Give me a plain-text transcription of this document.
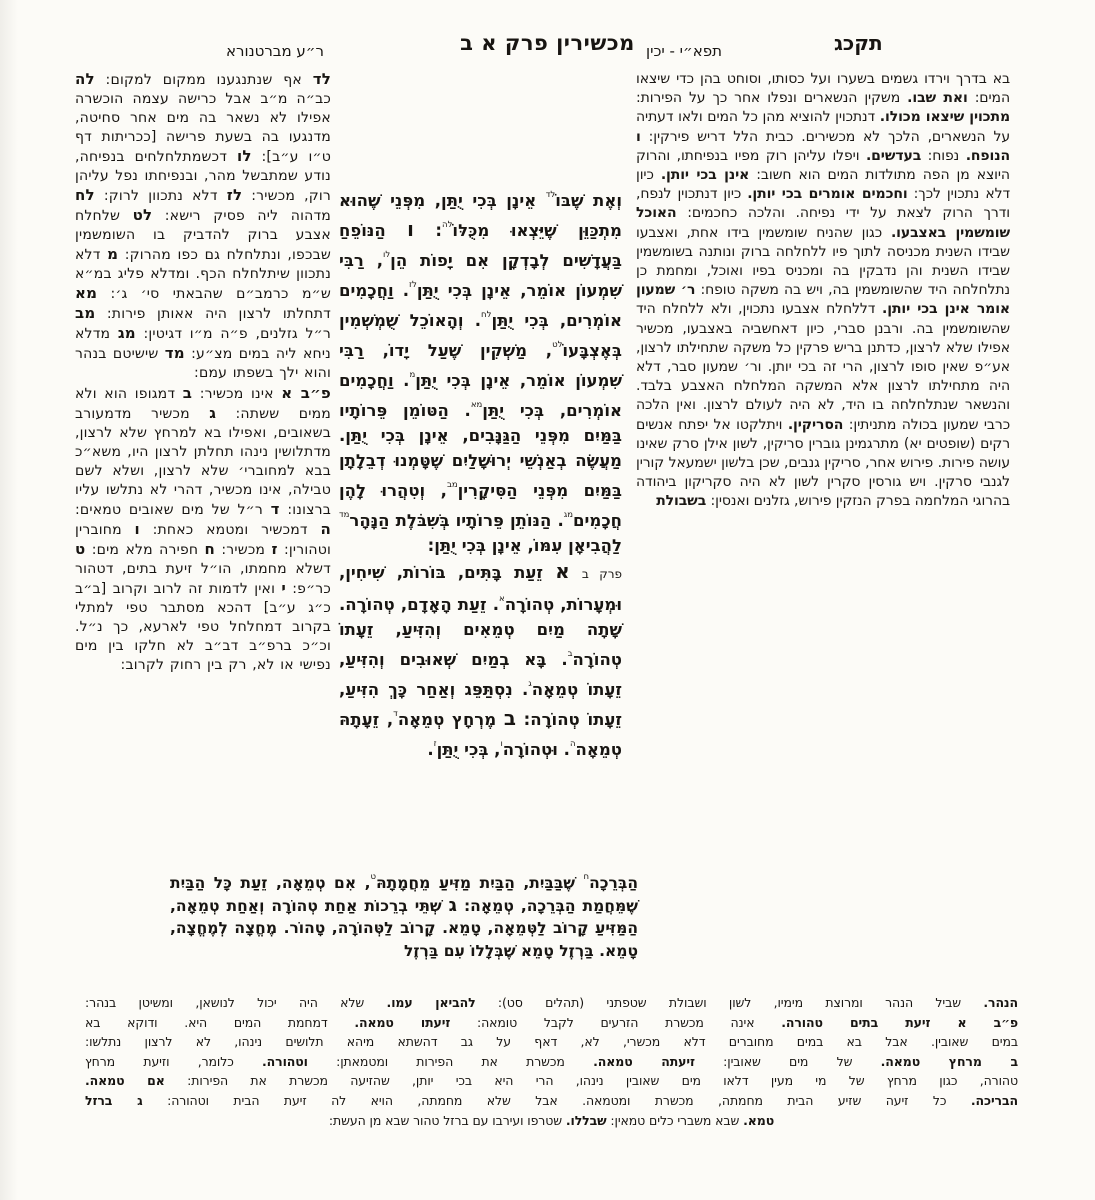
ר״ע מברטנורא	מכשירין פרק א ב תפא״י - יכין	תקכג

לד אף שנתנגענו ממקום למקום: לה כב״ה מ״ב אבל כרישה עצמה הוכשרה אפילו לא נשאר בה מים אחר סחיטה, מדנגעו בה בשעת פרישה [ככריתות דף ט״ו ע״ב]: לו דכשמתלחלחים בנפיחה, נודע שמתבשל מהר, ובנפיחתו נפל עליהן רוק, מכשיר: לז דלא נתכוון לרוק: לח מדהוה ליה פסיק רישא: לט שלחלח אצבע ברוק להדביק בו השומשמין שבכפו, ונתלחלח גם כפו מהרוק: מ דלא נתכוון שיתלחלח הכף. ומדלא פליג במ״א ש״מ כרמב״ם שהבאתי סי׳ ג׳: מא דתחלתו לרצון היה אאותן פירות: מב ר״ל גזלנים, פ״ה מ״ו דגיטין: מג מדלא ניחא ליה במים מצ״ע: מד שישיטם בנהר והוא ילך בשפתו עמם:

פ״ב א אינו מכשיר: ב דמגופו הוא ולא ממים ששתה: ג מכשיר מדמעורב בשאובים, ואפילו בא למרחץ שלא לרצון, מדתלושין נינהו תחלתן לרצון היו, משא״כ בבא למחוברי׳ שלא לרצון, ושלא לשם טבילה, אינו מכשיר, דהרי לא נתלשו עליו ברצונו: ד ר״ל של מים שאובים טמאים: ה דמכשיר ומטמא כאחת: ו מחוברין וטהורין: ז מכשיר: ח חפירה מלא מים: ט דשלא מחמתו, הו״ל זיעת בתים, דטהור כר״פ: י ואין לדמות זה לרוב וקרוב [ב״ב כ״ג ע״ב] דהכא מסתבר טפי למתלי בקרוב דמחלחל טפי לארעא, כך נ״ל. וכ״כ ברפ״ב דב״ב לא חלקו בין מים נפישי או לא, רק בין רחוק לקרוב:

וְאֶת שֶׁבּוֹ$^{לד}$ אֵינָן בְּכִי יֻתַּן, מִפְּנֵי שֶׁהוּא מִתְכַּוֵּן שֶׁיֵּצְאוּ מִכֻּלּוֹ$^{לה}$: ו הַנּוֹפֵחַ בַּעֲדָשִׁים לְבָדְקָן אִם יָפוֹת הֵן$^{לו}$, רַבִּי שִׁמְעוֹן אוֹמֵר, אֵינָן בְּכִי יֻתַּן$^{לז}$. וַחֲכָמִים אוֹמְרִים, בְּכִי יֻתַּן$^{לח}$. וְהָאוֹכֵל שֻׁמְשְׁמִין בְּאֶצְבָּעוֹ$^{לט}$, מַשְׁקִין שֶׁעַל יָדוֹ, רַבִּי שִׁמְעוֹן אוֹמֵר, אֵינָן בְּכִי יֻתַּן$^מ$. וַחֲכָמִים אוֹמְרִים, בְּכִי יֻתַּן$^{מא}$. הַטּוֹמֵן פֵּרוֹתָיו בַּמַּיִם מִפְּנֵי הַגַּנָּבִים, אֵינָן בְּכִי יֻתַּן. מַעֲשֶׂה בְאַנְשֵׁי יְרוּשָׁלַיִם שֶׁטָּמְנוּ דְבֵלָתָן בַּמַּיִם מִפְּנֵי הַסִּיקָרִין$^{מב}$, וְטִהֲרוּ לָהֶן חֲכָמִים$^{מג}$. הַנּוֹתֵן פֵּרוֹתָיו בְּשִׁבֹּלֶת הַנָּהָר$^{מד}$ לַהֲבִיאָן עִמּוֹ, אֵינָן בְּכִי יֻתַּן:

פרק ב א זֵעַת בָּתִּים, בּוֹרוֹת, שִׁיחִין, וּמְעָרוֹת, טְהוֹרָה$^א$. זֵעַת הָאָדָם, טְהוֹרָה. שָׁתָה מַיִם טְמֵאִים וְהִזִּיעַ, זֵעָתוֹ טְהוֹרָה$^ב$. בָּא בְמַיִם שְׁאוּבִים וְהִזִּיעַ, זֵעָתוֹ טְמֵאָה$^ג$. נִסְתַּפֵּג וְאַחַר כָּךְ הִזִּיעַ, זֵעָתוֹ טְהוֹרָה: ב מֶרְחָץ טְמֵאָה$^ד$, זֵעָתָהּ טְמֵאָה$^ה$. וּטְהוֹרָה$^ו$, בְּכִי יֻתַּן$^ז$.

הַבְּרֵכָה$^ח$ שֶׁבַּבַּיִת, הַבַּיִת מַזִּיעַ מֵחֲמָתָהּ$^ט$, אִם טְמֵאָה, זֵעַת כָּל הַבַּיִת שֶׁמֵּחֲמַת הַבְּרֵכָה, טְמֵאָה: ג שְׁתֵּי בְרֵכוֹת אַחַת טְהוֹרָה וְאַחַת טְמֵאָה, הַמַּזִּיעַ קָרוֹב לַטְּמֵאָה, טָמֵא. קָרוֹב לַטְּהוֹרָה, טָהוֹר. מֶחֱצָה לְמֶחֱצָה, טָמֵא. בַּרְזֶל טָמֵא שֶׁבְּלָלוֹ עִם בַּרְזֶל

בא בדרך וירדו גשמים בשערו ועל כסותו, וסוחט בהן כדי שיצאו המים: ואת שבו. משקין הנשארים ונפלו אחר כך על הפירות: מתכוין שיצאו מכולו. דנתכוין להוציא מהן כל המים ולאו דעתיה על הנשארים, הלכך לא מכשירים. כבית הלל דריש פירקין: ו הנופח. נפוח: בעדשים. ויפלו עליהן רוק מפיו בנפיחתו, והרוק היוצא מן הפה מתולדות המים הוא חשוב: אינן בכי יותן. כיון דלא נתכוין לכך: וחכמים אומרים בכי יותן. כיון דנתכוין לנפח, ודרך הרוק לצאת על ידי נפיחה. והלכה כחכמים: האוכל שומשמין באצבעו. כגון שהניח שומשמין בידו אחת, ואצבעו שבידו השנית מכניסה לתוך פיו ללחלחה ברוק ונותנה בשומשמין שבידו השנית והן נדבקין בה ומכניס בפיו ואוכל, ומחמת כן נתלחלחה היד שהשומשמין בה, ויש בה משקה טופח: ר׳ שמעון אומר אינן בכי יותן. דללחלח אצבעו נתכוין, ולא ללחלח היד שהשומשמין בה. ורבנן סברי, כיון דאחשביה באצבעו, מכשיר אפילו שלא לרצון, כדתנן בריש פרקין כל משקה שתחילתו לרצון, אע״פ שאין סופו לרצון, הרי זה בכי יותן. ור׳ שמעון סבר, דלא היה מתחילתו לרצון אלא המשקה המלחלח האצבע בלבד. והנשאר שנתלחלחה בו היד, לא היה לעולם לרצון. ואין הלכה כרבי שמעון בכולה מתניתין: הסריקין. ויתלקטו אל יפתח אנשים רקים (שופטים יא) מתרגמינן גוברין סריקין, לשון אילן סרק שאינו עושה פירות. פירוש אחר, סריקין גנבים, שכן בלשון ישמעאל קורין לגנבי סרקין. ויש גורסין סקרין לשון לא היה סקריקון ביהודה בהרוגי המלחמה בפרק הנזקין פירוש, גזלנים ואנסין: בשבולת

הנהר. שביל הנהר ומרוצת מימיו, לשון ושבולת שטפתני (תהלים סט): להביאן עמו. שלא היה יכול לנושאן, ומשיטן בנהר:
פ״ב א זיעת בתים טהורה. אינה מכשרת הזרעים לקבל טומאה: זיעתו טמאה. דמחמת המים היא. ודוקא בא
במים שאובין. אבל בא במים מחוברים דלא מכשרי, לא, דאף על גב דהשתא מיהא תלושים נינהו, לא לרצון נתלשו:
ב מרחץ טמאה. של מים שאובין: זיעתה טמאה. מכשרת את הפירות ומטמאתן: וטהורה. כלומר, וזיעת מרחץ
טהורה, כגון מרחץ של מי מעין דלאו מים שאובין נינהו, הרי היא בכי יותן, שהזיעה מכשרת את הפירות: אם טמאה.
הבריכה. כל זיעה שזיע הבית מחמתה, מכשרת ומטמאה. אבל שלא מחמתה, הויא לה זיעת הבית וטהורה: ג ברזל
טמא. שבא משברי כלים טמאין: שבללו. שטרפו ועירבו עם ברזל טהור שבא מן העשת:
